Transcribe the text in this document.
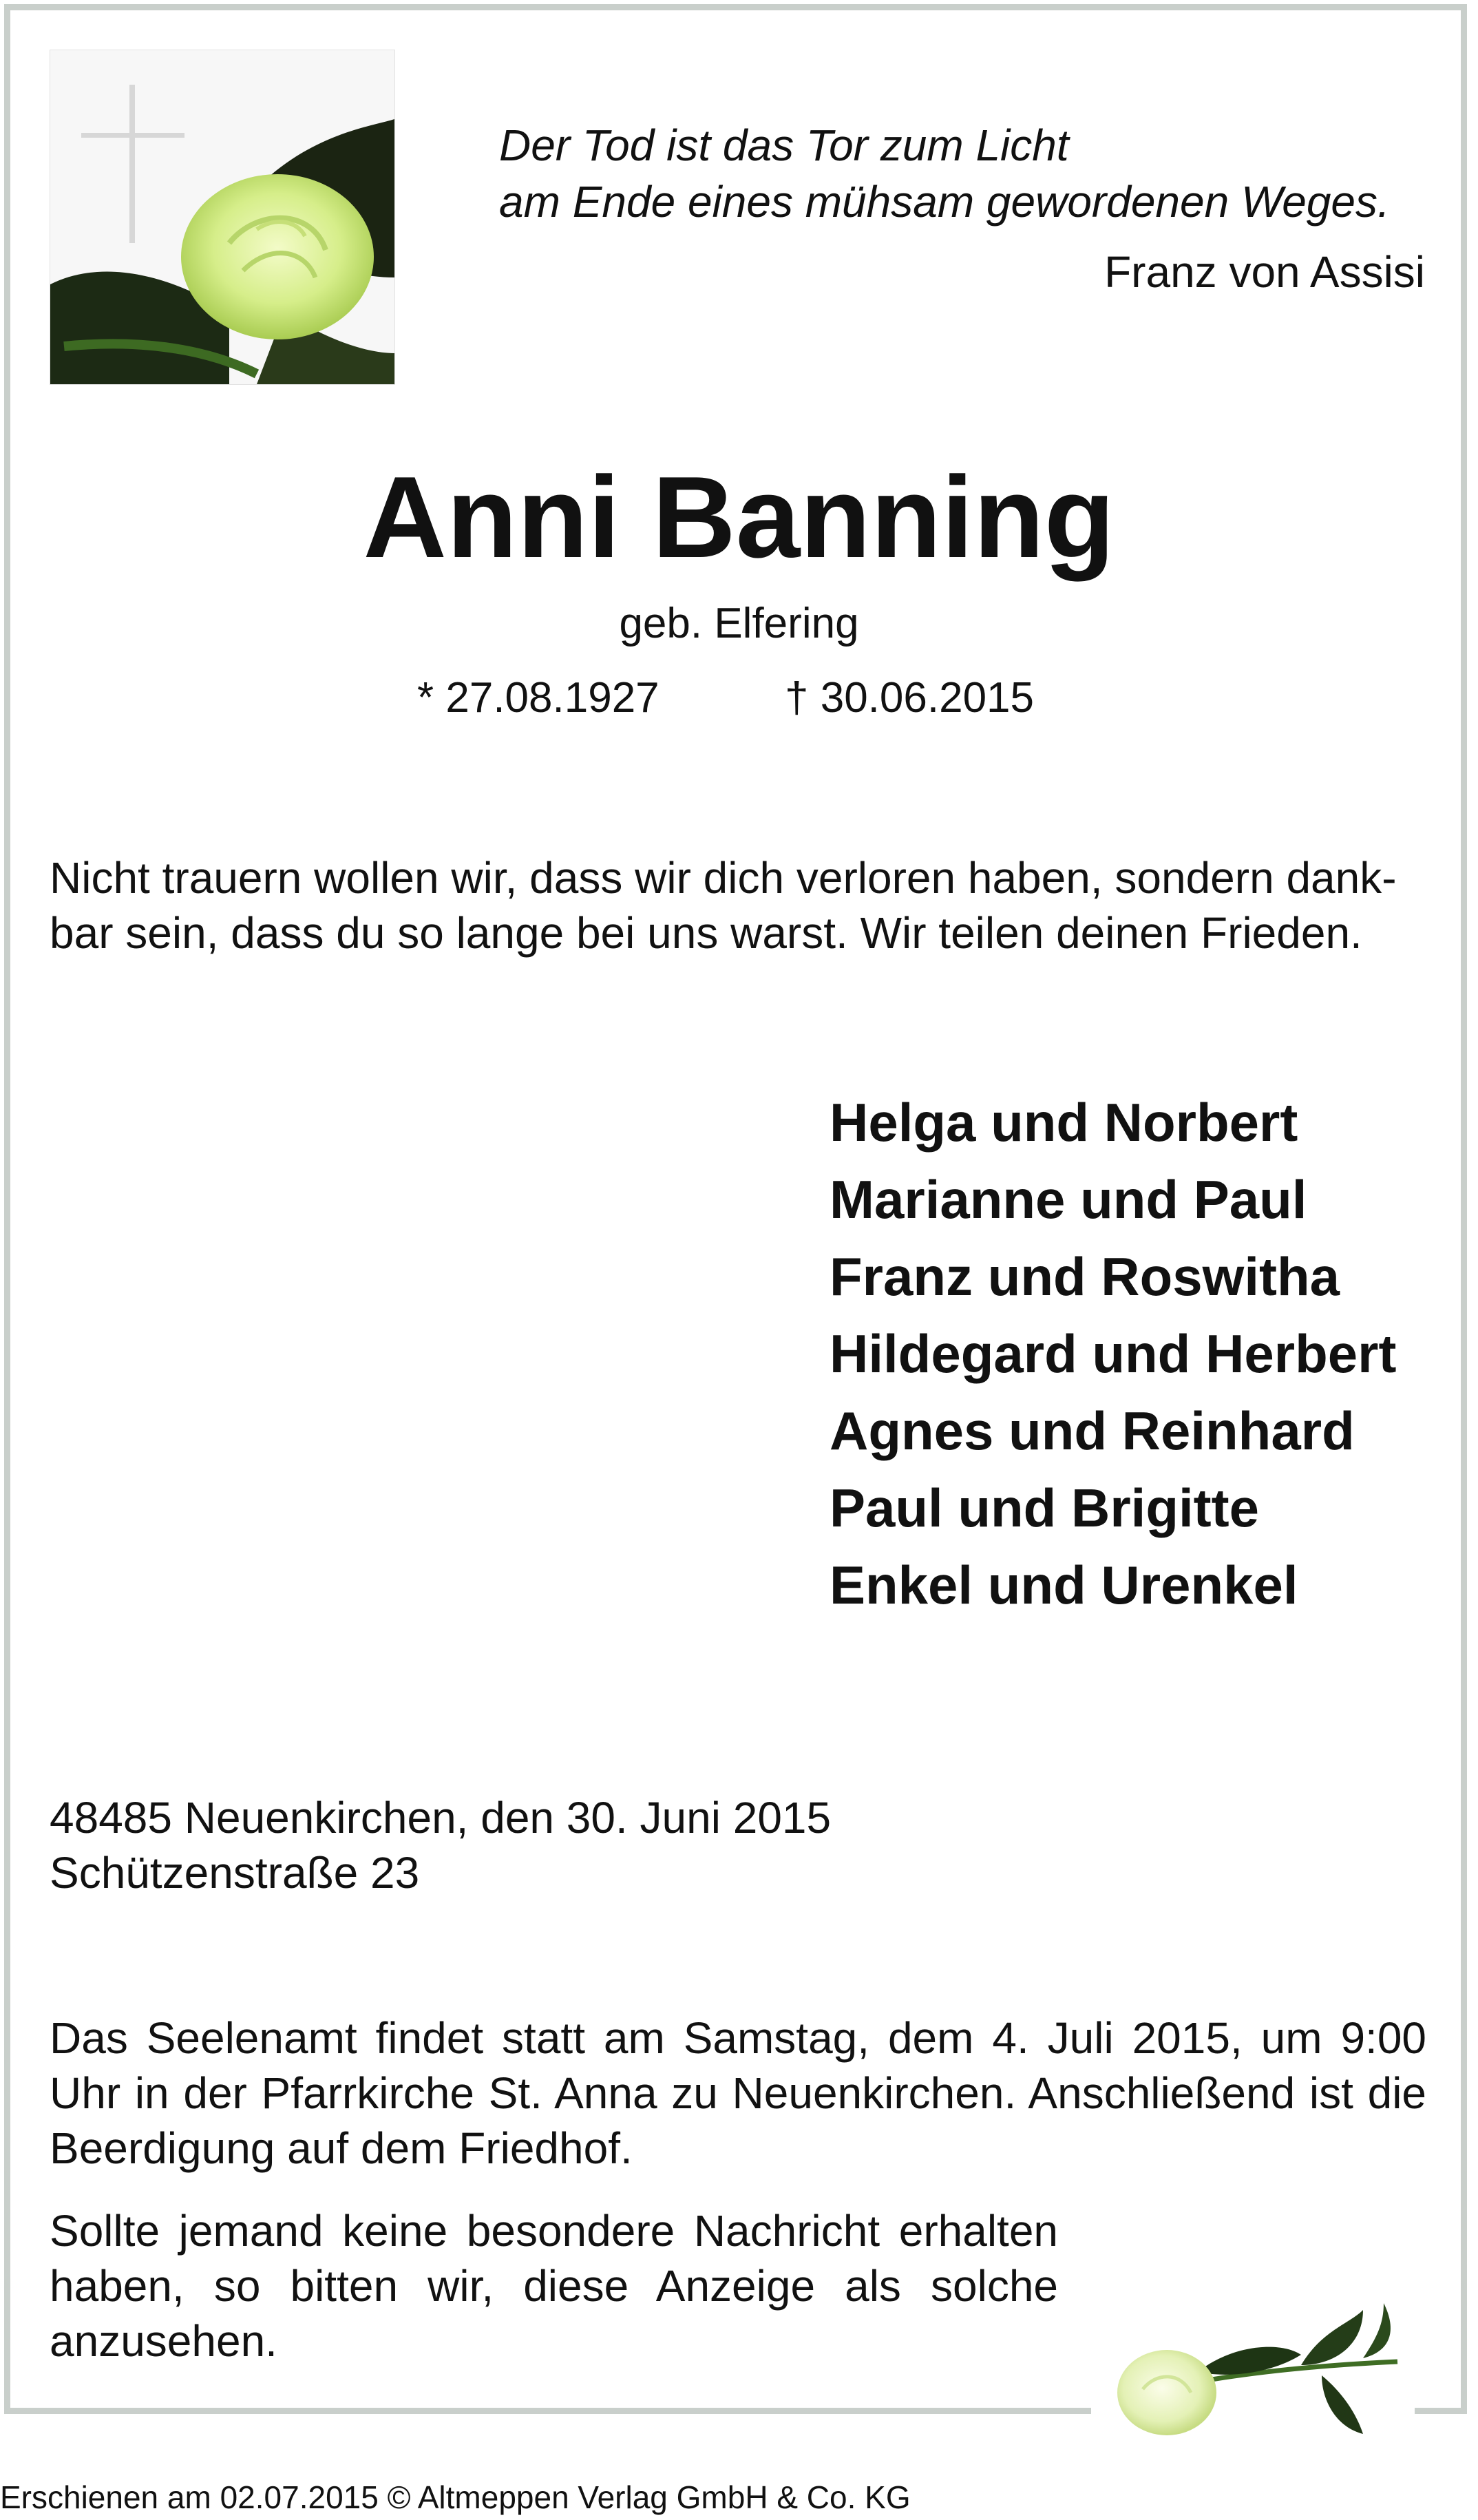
Der Tod ist das Tor zum Licht
am Ende eines mühsam gewordenen Weges.
Franz von Assisi
Anni Banning
geb. Elfering
* 27.08.1927	† 30.06.2015
Nicht trauern wollen wir, dass wir dich verloren haben, sondern dank-
bar sein, dass du so lange bei uns warst. Wir teilen deinen Frieden.
Helga und Norbert
Marianne und Paul
Franz und Roswitha
Hildegard und Herbert
Agnes und Reinhard
Paul und Brigitte
Enkel und Urenkel
48485 Neuenkirchen, den 30. Juni 2015
Schützenstraße 23
Das Seelenamt findet statt am Samstag, dem 4. Juli 2015, um 9:00 Uhr in der Pfarrkirche St. Anna zu Neuenkirchen. Anschließend ist die Beerdigung auf dem Friedhof.
Sollte jemand keine besondere Nachricht erhalten haben, so bitten wir, diese Anzeige als solche anzusehen.
Erschienen am 02.07.2015 © Altmeppen Verlag GmbH & Co. KG
